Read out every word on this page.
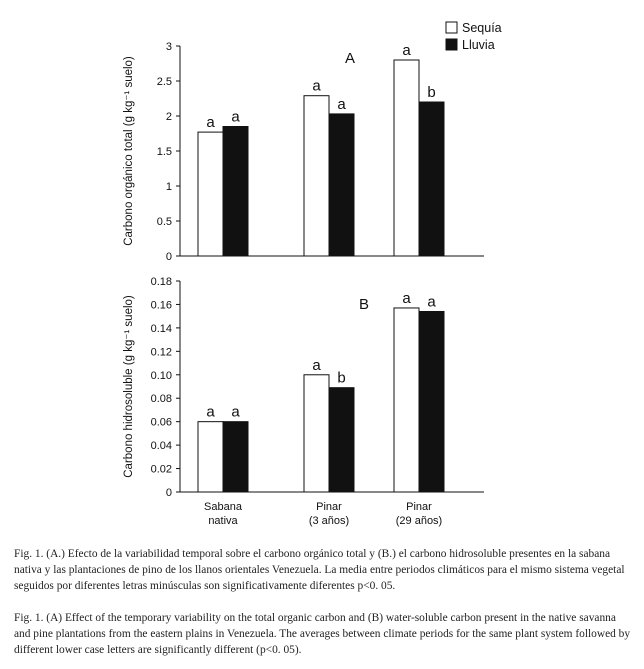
0
0.5
1
1.5
2
2.5
3
Carbono orgánico total (g kg⁻¹ suelo)	A
a
a
a
a
a
b
0
0.02
0.04
0.06
0.08
0.10
0.12
0.14
0.16
0.18
Carbono hidrosoluble (g kg⁻¹ suelo)	B
a
a
a
a
b
a
Sabana
nativa
Pinar
(3 años)
Pinar
(29 años)
Sequía
Lluvia

Fig. 1. (A.) Efecto de la variabilidad temporal sobre el carbono orgánico total y (B.) el carbono hidrosoluble presentes en la sabana nativa y las plantaciones de pino de los llanos orientales Venezuela. La media entre periodos climáticos para el mismo sistema vegetal seguidos por diferentes letras minúsculas son significativamente diferentes p<0. 05.

Fig. 1. (A) Effect of the temporary variability on the total organic carbon and (B) water-soluble carbon present in the native savanna and pine plantations from the eastern plains in Venezuela. The averages between climate periods for the same plant system followed by different lower case letters are significantly different (p<0. 05).
